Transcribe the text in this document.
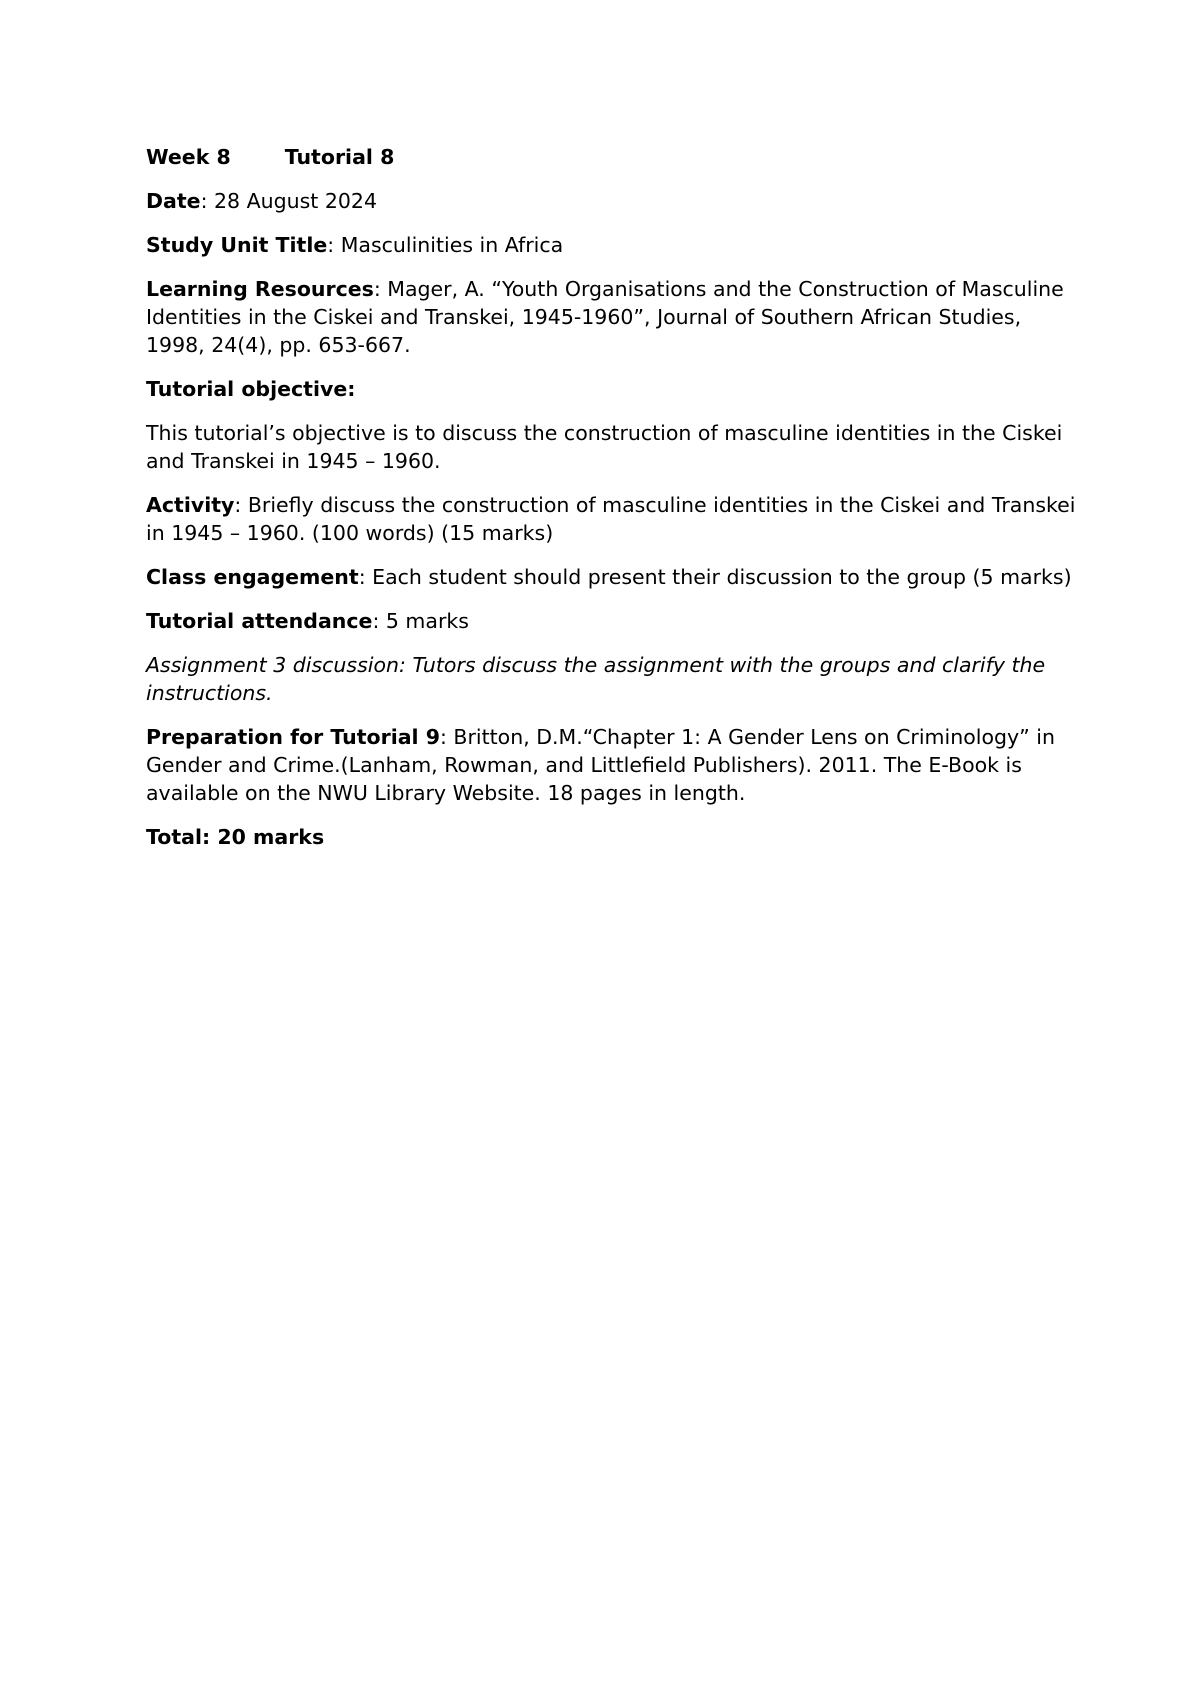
Week 8	Tutorial 8

Date: 28 August 2024

Study Unit Title: Masculinities in Africa

Learning Resources: Mager, A. “Youth Organisations and the Construction of Masculine Identities in the Ciskei and Transkei, 1945-1960”, Journal of Southern African Studies, 1998, 24(4), pp. 653-667.

Tutorial objective:

This tutorial’s objective is to discuss the construction of masculine identities in the Ciskei and Transkei in 1945 – 1960.

Activity: Briefly discuss the construction of masculine identities in the Ciskei and Transkei in 1945 – 1960. (100 words) (15 marks)

Class engagement: Each student should present their discussion to the group (5 marks)

Tutorial attendance: 5 marks

Assignment 3 discussion: Tutors discuss the assignment with the groups and clarify the instructions.

Preparation for Tutorial 9: Britton, D.M.“Chapter 1: A Gender Lens on Criminology” in Gender and Crime.(Lanham, Rowman, and Littlefield Publishers). 2011. The E-Book is available on the NWU Library Website. 18 pages in length.

Total: 20 marks
